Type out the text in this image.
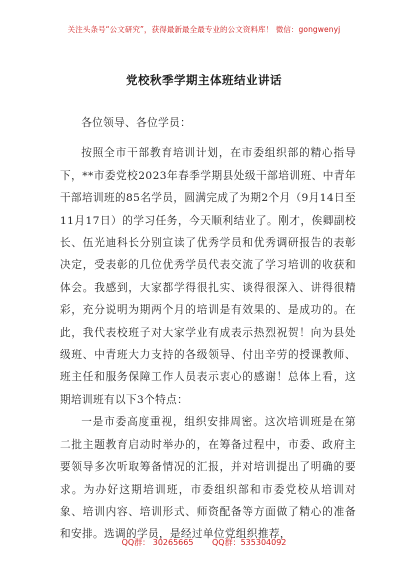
关注头条号“公文研究”，获得最新最全最专业的公文资料库！ 微信：gongwenyj
党校秋季学期主体班结业讲话

各位领导、各位学员：

按照全市干部教育培训计划，在市委组织部的精心指导下，**市委党校2023年春季学期县处级干部培训班、中青年干部培训班的85名学员，圆满完成了为期2个月（9月14日至11月17日）的学习任务，今天顺利结业了。刚才，俟卿副校长、伍光迪科长分别宣读了优秀学员和优秀调研报告的表彰决定，受表彰的几位优秀学员代表交流了学习培训的收获和体会。我感到，大家都学得很扎实、谈得很深入、讲得很精彩，充分说明为期两个月的培训是有效果的、是成功的。在此，我代表校班子对大家学业有成表示热烈祝贺！向为县处级班、中青班大力支持的各级领导、付出辛劳的授课教师、班主任和服务保障工作人员表示衷心的感谢！总体上看，这期培训班有以下3个特点：

一是市委高度重视，组织安排周密。这次培训班是在第二批主题教育启动时举办的，在筹备过程中，市委、政府主要领导多次听取筹备情况的汇报，并对培训提出了明确的要求。为办好这期培训班，市委组织部和市委党校从培训对象、培训内容、培训形式、师资配备等方面做了精心的准备和安排。选调的学员，是经过单位党组织推荐，

QQ群： 30265665 QQ群：535304092
